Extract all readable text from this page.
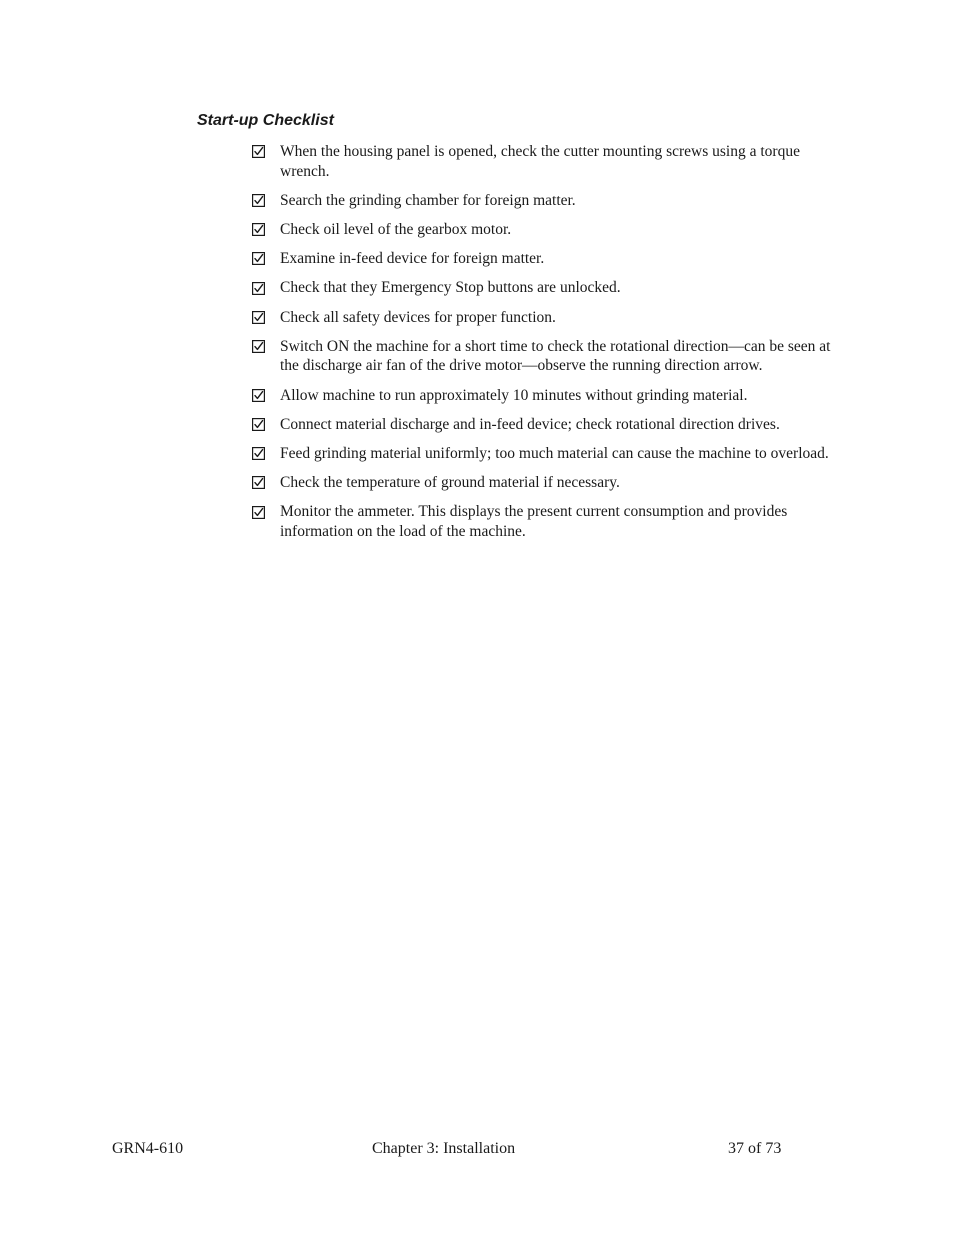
Start-up Checklist
When the housing panel is opened, check the cutter mounting screws using a torque wrench.
Search the grinding chamber for foreign matter.
Check oil level of the gearbox motor.
Examine in-feed device for foreign matter.
Check that they Emergency Stop buttons are unlocked.
Check all safety devices for proper function.
Switch ON the machine for a short time to check the rotational direction—can be seen at the discharge air fan of the drive motor—observe the running direction arrow.
Allow machine to run approximately 10 minutes without grinding material.
Connect material discharge and in-feed device; check rotational direction drives.
Feed grinding material uniformly; too much material can cause the machine to overload.
Check the temperature of ground material if necessary.
Monitor the ammeter. This displays the present current consumption and provides information on the load of the machine.
GRN4-610	Chapter 3: Installation	37 of 73
